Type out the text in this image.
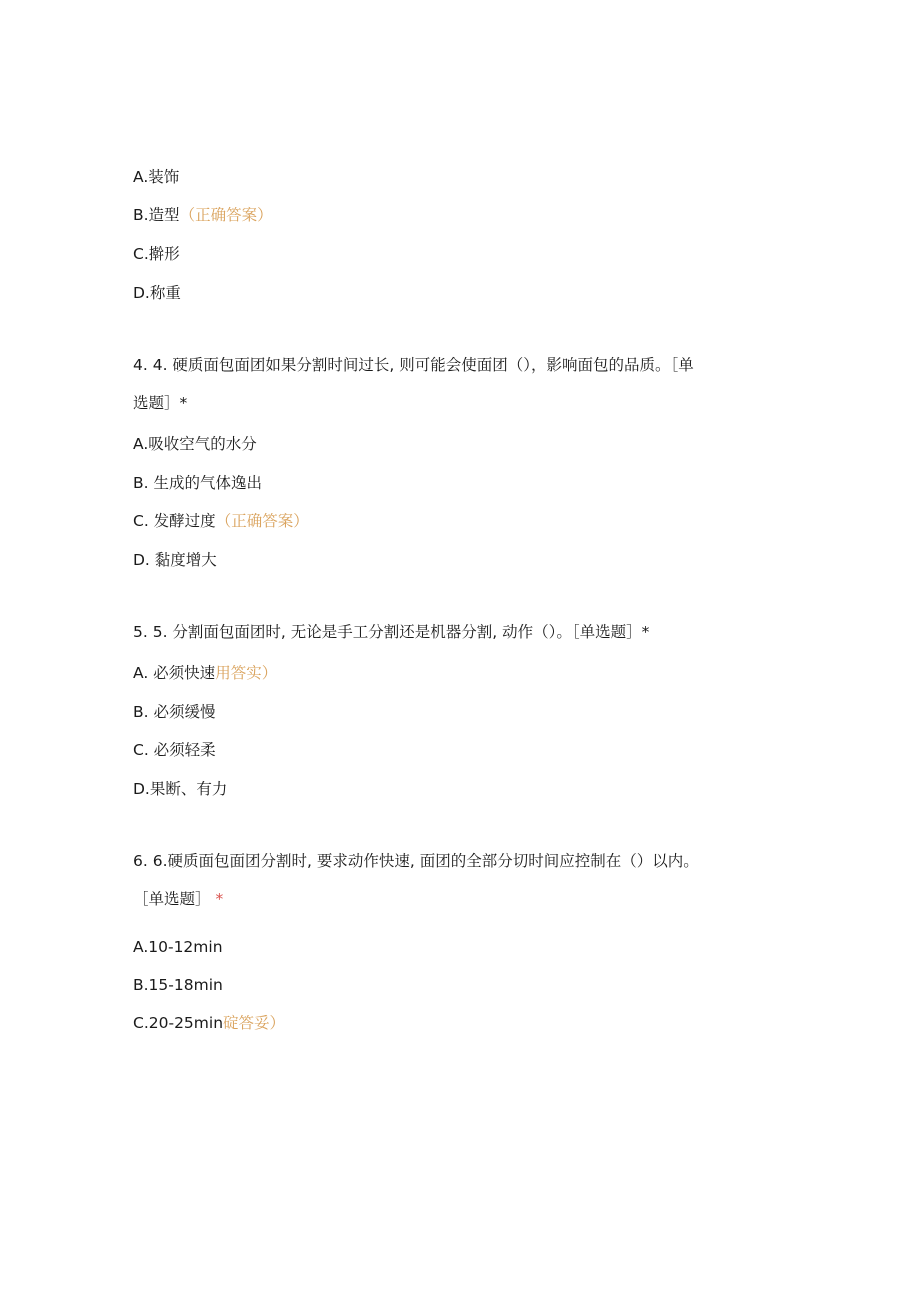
A.装饰
B.造型（正确答案）
C.擀形
D.称重
4. 4. 硬质面包面团如果分割时间过长, 则可能会使面团（），影响面包的品质。［单
选题］*
A.吸收空气的水分
B. 生成的气体逸出
C. 发酵过度（正确答案）
D. 黏度增大
5. 5. 分割面包面团时, 无论是手工分割还是机器分割, 动作（）。［单选题］*
A. 必须快速用答实）
B. 必须缓慢
C. 必须轻柔
D.果断、有力
6. 6.硬质面包面团分割时, 要求动作快速, 面团的全部分切时间应控制在（）以内。
［单选题］ *
A.10-12min
B.15-18min
C.20-25min碇答妥）
